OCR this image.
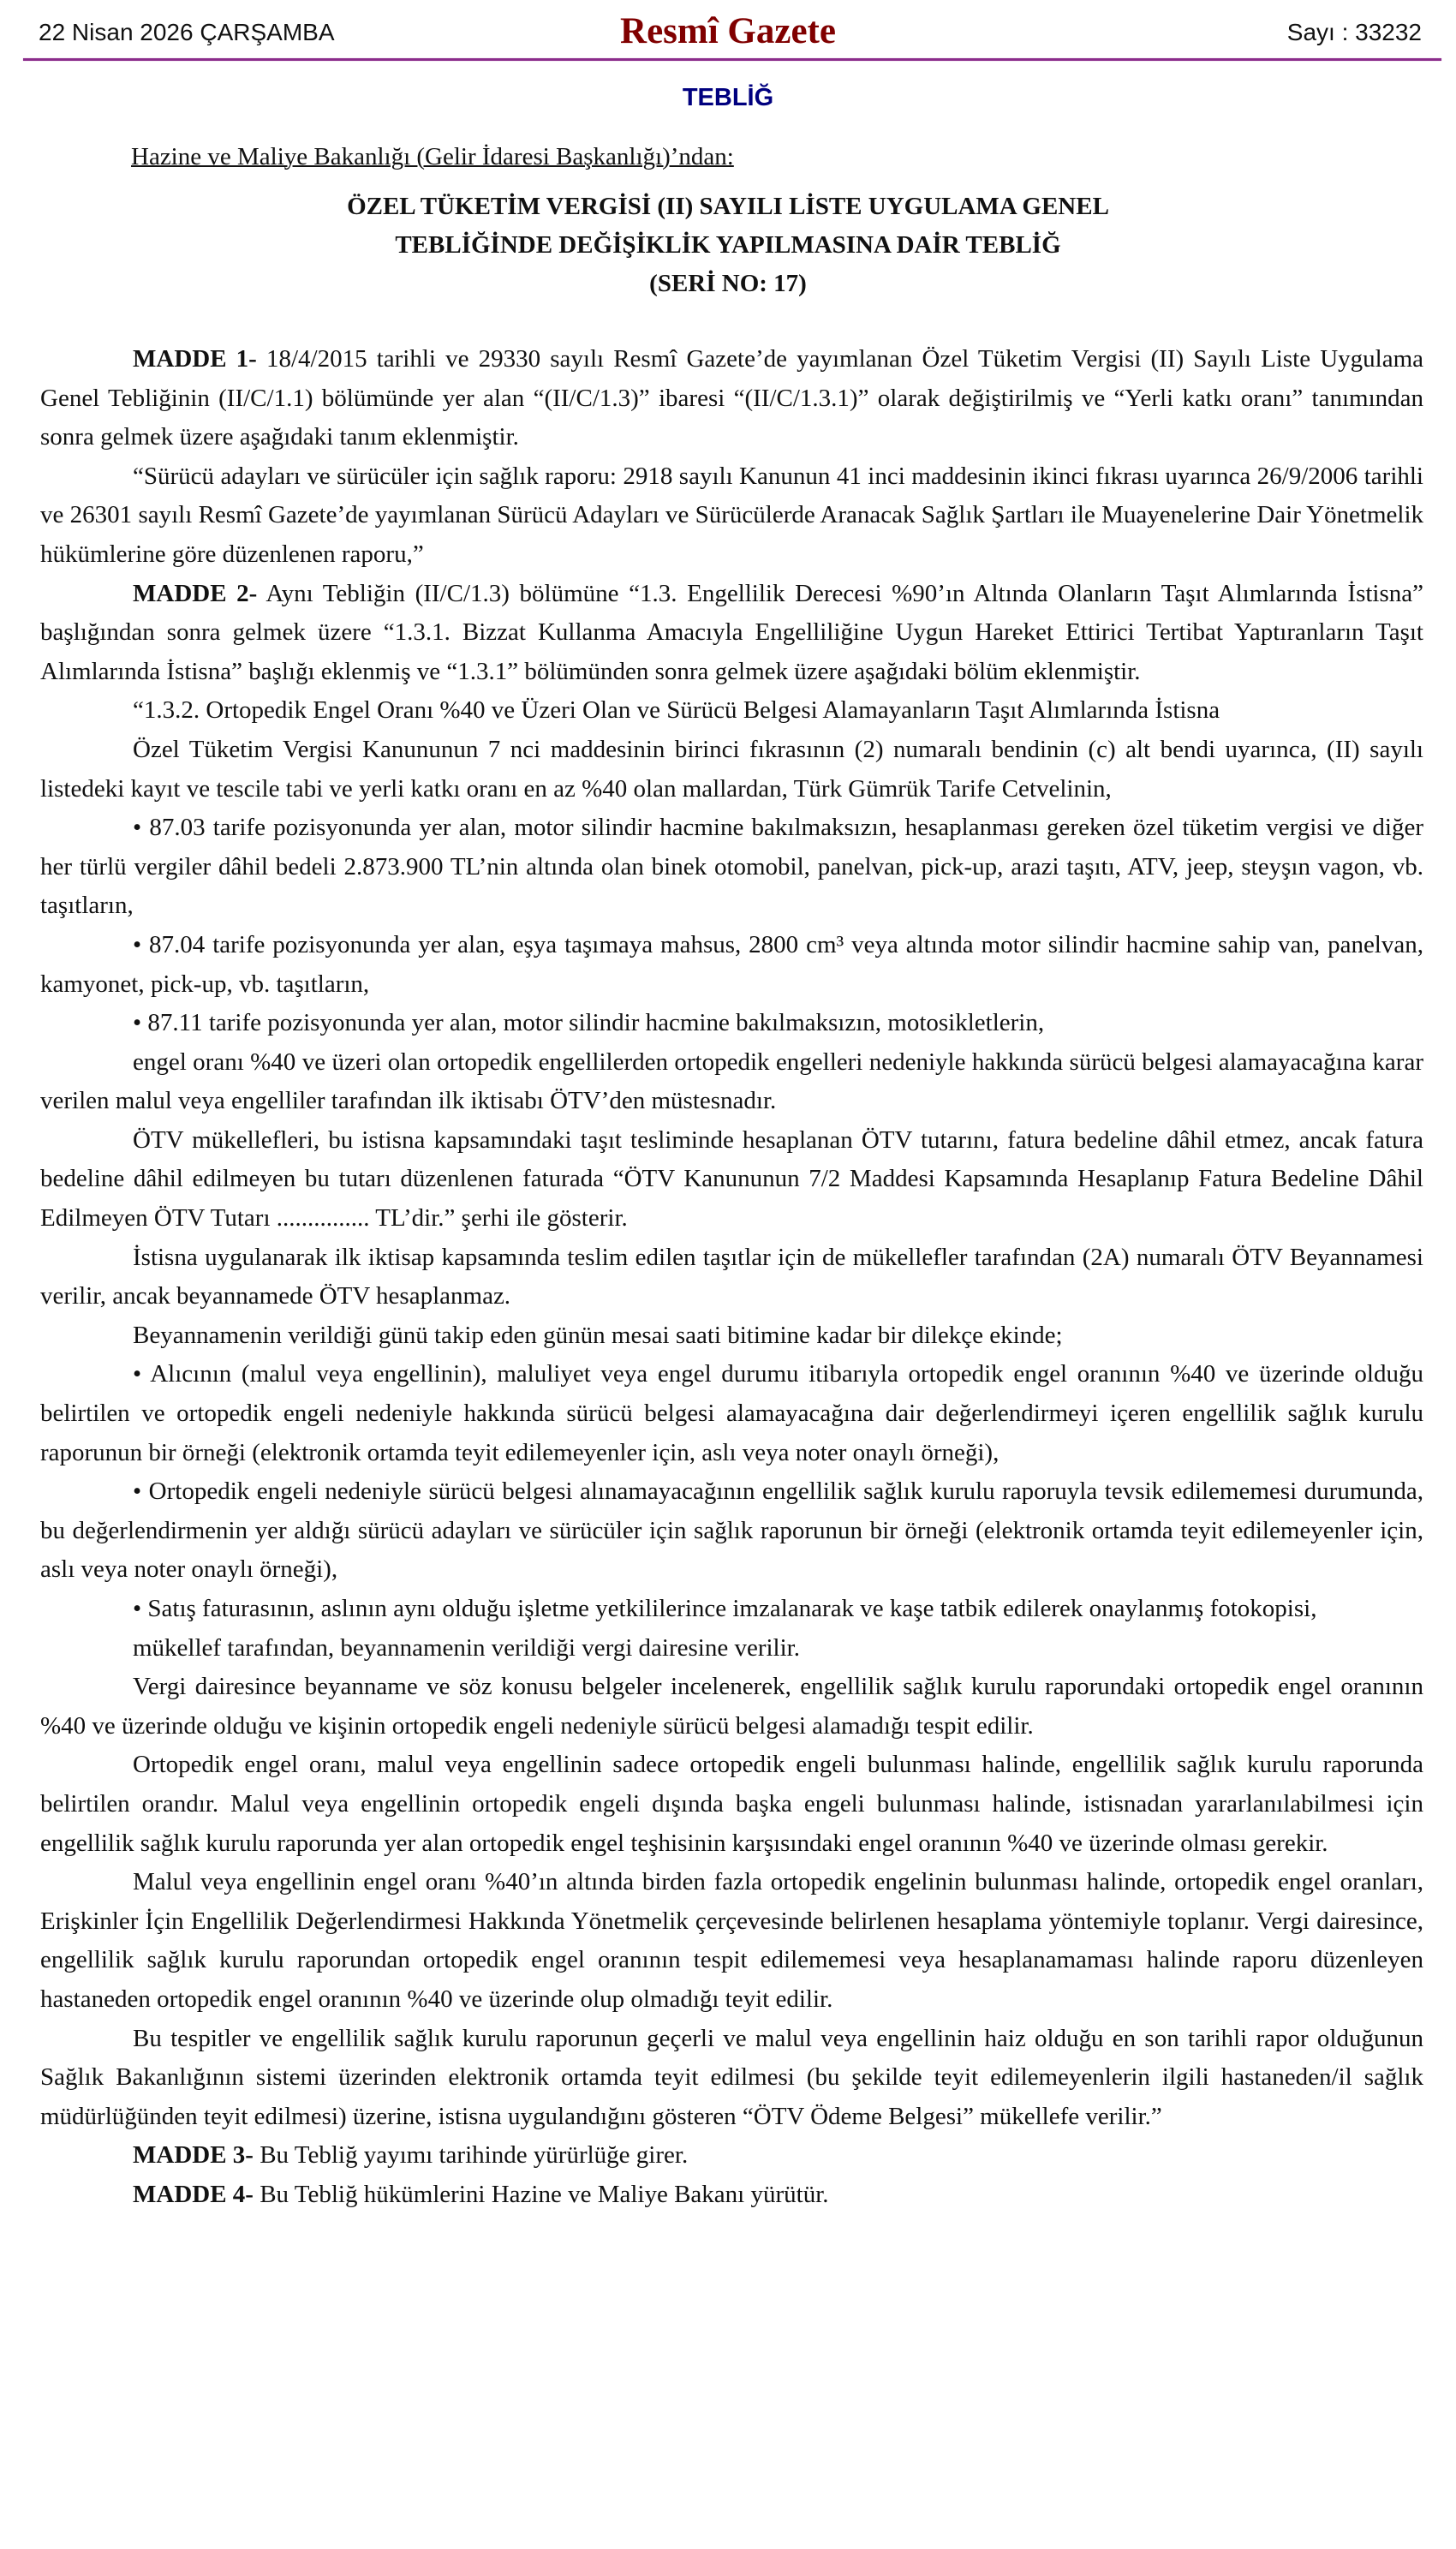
22 Nisan 2026 ÇARŞAMBA	Resmî Gazete	Sayı : 33232
TEBLİĞ
Hazine ve Maliye Bakanlığı (Gelir İdaresi Başkanlığı)’ndan:
ÖZEL TÜKETİM VERGİSİ (II) SAYILI LİSTE UYGULAMA GENEL
TEBLİĞİNDE DEĞİŞİKLİK YAPILMASINA DAİR TEBLİĞ
(SERİ NO: 17)

MADDE 1- 18/4/2015 tarihli ve 29330 sayılı Resmî Gazete’de yayımlanan Özel Tüketim Vergisi (II) Sayılı Liste Uygulama Genel Tebliğinin (II/C/1.1) bölümünde yer alan “(II/C/1.3)” ibaresi “(II/C/1.3.1)” olarak değiştirilmiş ve “Yerli katkı oranı” tanımından sonra gelmek üzere aşağıdaki tanım eklenmiştir.

“Sürücü adayları ve sürücüler için sağlık raporu: 2918 sayılı Kanunun 41 inci maddesinin ikinci fıkrası uyarınca 26/9/2006 tarihli ve 26301 sayılı Resmî Gazete’de yayımlanan Sürücü Adayları ve Sürücülerde Aranacak Sağlık Şartları ile Muayenelerine Dair Yönetmelik hükümlerine göre düzenlenen raporu,”

MADDE 2- Aynı Tebliğin (II/C/1.3) bölümüne “1.3. Engellilik Derecesi %90’ın Altında Olanların Taşıt Alımlarında İstisna” başlığından sonra gelmek üzere “1.3.1. Bizzat Kullanma Amacıyla Engelliliğine Uygun Hareket Ettirici Tertibat Yaptıranların Taşıt Alımlarında İstisna” başlığı eklenmiş ve “1.3.1” bölümünden sonra gelmek üzere aşağıdaki bölüm eklenmiştir.

“1.3.2. Ortopedik Engel Oranı %40 ve Üzeri Olan ve Sürücü Belgesi Alamayanların Taşıt Alımlarında İstisna

Özel Tüketim Vergisi Kanununun 7 nci maddesinin birinci fıkrasının (2) numaralı bendinin (c) alt bendi uyarınca, (II) sayılı listedeki kayıt ve tescile tabi ve yerli katkı oranı en az %40 olan mallardan, Türk Gümrük Tarife Cetvelinin,

• 87.03 tarife pozisyonunda yer alan, motor silindir hacmine bakılmaksızın, hesaplanması gereken özel tüketim vergisi ve diğer her türlü vergiler dâhil bedeli 2.873.900 TL’nin altında olan binek otomobil, panelvan, pick-up, arazi taşıtı, ATV, jeep, steyşın vagon, vb. taşıtların,

• 87.04 tarife pozisyonunda yer alan, eşya taşımaya mahsus, 2800 cm³ veya altında motor silindir hacmine sahip van, panelvan, kamyonet, pick-up, vb. taşıtların,

• 87.11 tarife pozisyonunda yer alan, motor silindir hacmine bakılmaksızın, motosikletlerin,

engel oranı %40 ve üzeri olan ortopedik engellilerden ortopedik engelleri nedeniyle hakkında sürücü belgesi alamayacağına karar verilen malul veya engelliler tarafından ilk iktisabı ÖTV’den müstesnadır.

ÖTV mükellefleri, bu istisna kapsamındaki taşıt tesliminde hesaplanan ÖTV tutarını, fatura bedeline dâhil etmez, ancak fatura bedeline dâhil edilmeyen bu tutarı düzenlenen faturada “ÖTV Kanununun 7/2 Maddesi Kapsamında Hesaplanıp Fatura Bedeline Dâhil Edilmeyen ÖTV Tutarı ............... TL’dir.” şerhi ile gösterir.

İstisna uygulanarak ilk iktisap kapsamında teslim edilen taşıtlar için de mükellefler tarafından (2A) numaralı ÖTV Beyannamesi verilir, ancak beyannamede ÖTV hesaplanmaz.

Beyannamenin verildiği günü takip eden günün mesai saati bitimine kadar bir dilekçe ekinde;

• Alıcının (malul veya engellinin), maluliyet veya engel durumu itibarıyla ortopedik engel oranının %40 ve üzerinde olduğu belirtilen ve ortopedik engeli nedeniyle hakkında sürücü belgesi alamayacağına dair değerlendirmeyi içeren engellilik sağlık kurulu raporunun bir örneği (elektronik ortamda teyit edilemeyenler için, aslı veya noter onaylı örneği),

• Ortopedik engeli nedeniyle sürücü belgesi alınamayacağının engellilik sağlık kurulu raporuyla tevsik edilememesi durumunda, bu değerlendirmenin yer aldığı sürücü adayları ve sürücüler için sağlık raporunun bir örneği (elektronik ortamda teyit edilemeyenler için, aslı veya noter onaylı örneği),

• Satış faturasının, aslının aynı olduğu işletme yetkililerince imzalanarak ve kaşe tatbik edilerek onaylanmış fotokopisi,

mükellef tarafından, beyannamenin verildiği vergi dairesine verilir.

Vergi dairesince beyanname ve söz konusu belgeler incelenerek, engellilik sağlık kurulu raporundaki ortopedik engel oranının %40 ve üzerinde olduğu ve kişinin ortopedik engeli nedeniyle sürücü belgesi alamadığı tespit edilir.

Ortopedik engel oranı, malul veya engellinin sadece ortopedik engeli bulunması halinde, engellilik sağlık kurulu raporunda belirtilen orandır. Malul veya engellinin ortopedik engeli dışında başka engeli bulunması halinde, istisnadan yararlanılabilmesi için engellilik sağlık kurulu raporunda yer alan ortopedik engel teşhisinin karşısındaki engel oranının %40 ve üzerinde olması gerekir.

Malul veya engellinin engel oranı %40’ın altında birden fazla ortopedik engelinin bulunması halinde, ortopedik engel oranları, Erişkinler İçin Engellilik Değerlendirmesi Hakkında Yönetmelik çerçevesinde belirlenen hesaplama yöntemiyle toplanır. Vergi dairesince, engellilik sağlık kurulu raporundan ortopedik engel oranının tespit edilememesi veya hesaplanamaması halinde raporu düzenleyen hastaneden ortopedik engel oranının %40 ve üzerinde olup olmadığı teyit edilir.

Bu tespitler ve engellilik sağlık kurulu raporunun geçerli ve malul veya engellinin haiz olduğu en son tarihli rapor olduğunun Sağlık Bakanlığının sistemi üzerinden elektronik ortamda teyit edilmesi (bu şekilde teyit edilemeyenlerin ilgili hastaneden/il sağlık müdürlüğünden teyit edilmesi) üzerine, istisna uygulandığını gösteren “ÖTV Ödeme Belgesi” mükellefe verilir.”

MADDE 3- Bu Tebliğ yayımı tarihinde yürürlüğe girer.

MADDE 4- Bu Tebliğ hükümlerini Hazine ve Maliye Bakanı yürütür.
